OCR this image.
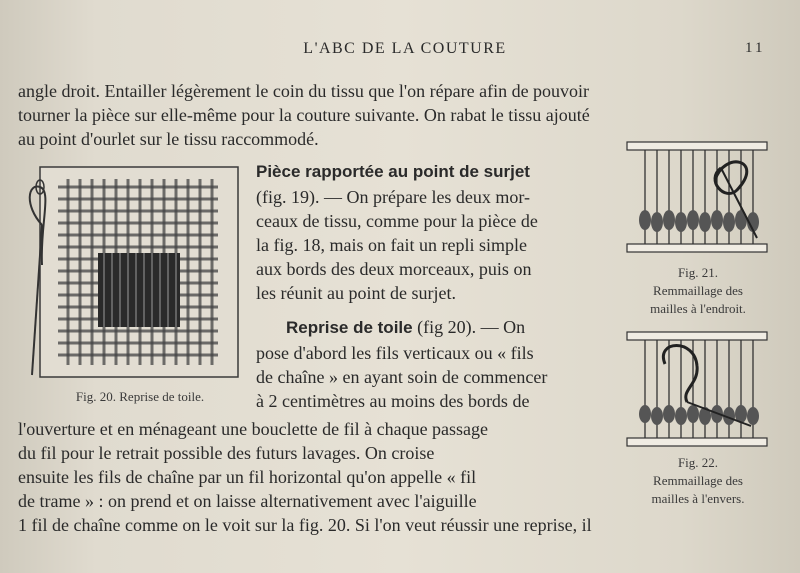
L'ABC DE LA COUTURE	11
angle droit. Entailler légèrement le coin du tissu que l'on répare afin de pouvoir
tourner la pièce sur elle-même pour la couture suivante. On rabat le tissu ajouté
au point d'ourlet sur le tissu raccommodé.
Fig. 20. Reprise de toile.
Pièce rapportée au point de surjet
(fig. 19). — On prépare les deux mor-
ceaux de tissu, comme pour la pièce de
la fig. 18, mais on fait un repli simple
aux bords des deux morceaux, puis on
les réunit au point de surjet.
Reprise de toile (fig 20). — On
pose d'abord les fils verticaux ou « fils
de chaîne » en ayant soin de commencer
à 2 centimètres au moins des bords de
l'ouverture et en ménageant une bouclette de fil à chaque passage
du fil pour le retrait possible des futurs lavages. On croise
ensuite les fils de chaîne par un fil horizontal qu'on appelle « fil
de trame » : on prend et on laisse alternativement avec l'aiguille
1 fil de chaîne comme on le voit sur la fig. 20. Si l'on veut réussir une reprise, il
Fig. 21.
Remmaillage des
mailles à l'endroit.
Fig. 22.
Remmaillage des
mailles à l'envers.
